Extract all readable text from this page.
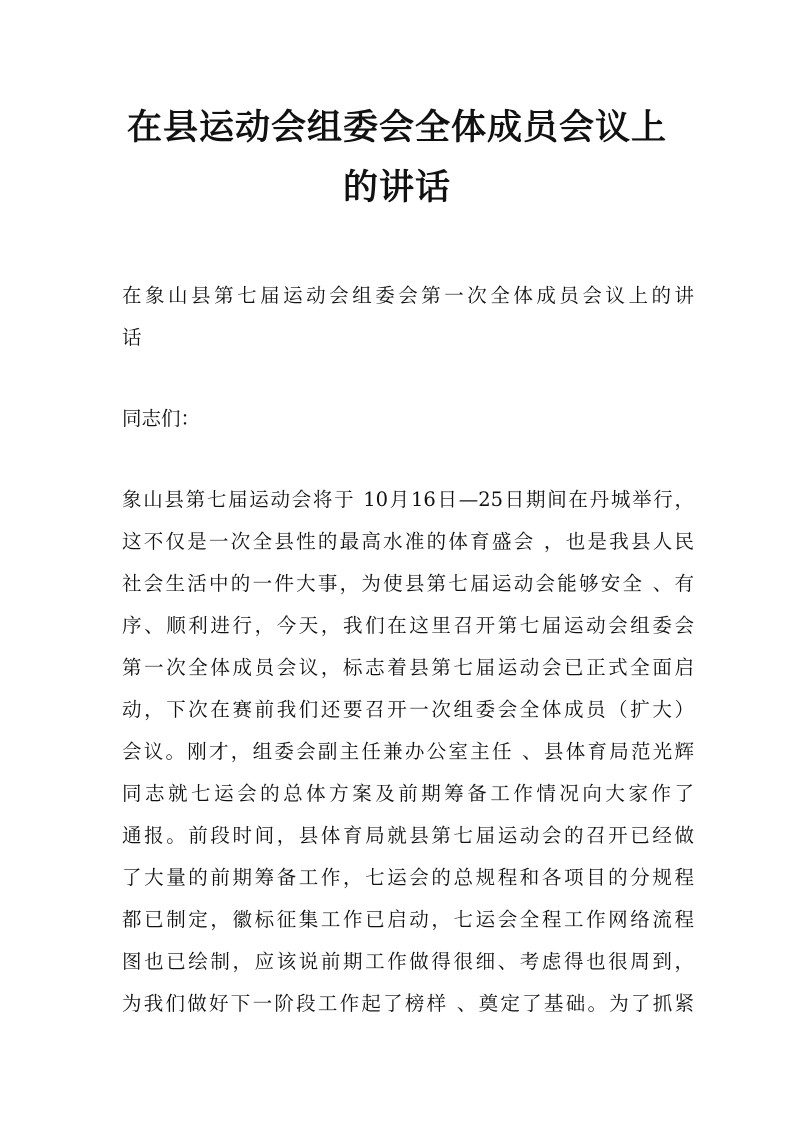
在县运动会组委会全体成员会议上
的讲话
在象山县第七届运动会组委会第一次全体成员会议上的讲
话
同志们：
象山县第七届运动会将于 10月16日—25日期间在丹城举行，
这不仅是一次全县性的最高水准的体育盛会 ，也是我县人民
社会生活中的一件大事，为使县第七届运动会能够安全 、有
序、顺利进行，今天，我们在这里召开第七届运动会组委会
第一次全体成员会议，标志着县第七届运动会已正式全面启
动，下次在赛前我们还要召开一次组委会全体成员（扩大）
会议。刚才，组委会副主任兼办公室主任 、县体育局范光辉
同志就七运会的总体方案及前期筹备工作情况向大家作了
通报。前段时间，县体育局就县第七届运动会的召开已经做
了大量的前期筹备工作，七运会的总规程和各项目的分规程
都已制定，徽标征集工作已启动，七运会全程工作网络流程
图也已绘制，应该说前期工作做得很细、考虑得也很周到，
为我们做好下一阶段工作起了榜样 、奠定了基础。为了抓紧
